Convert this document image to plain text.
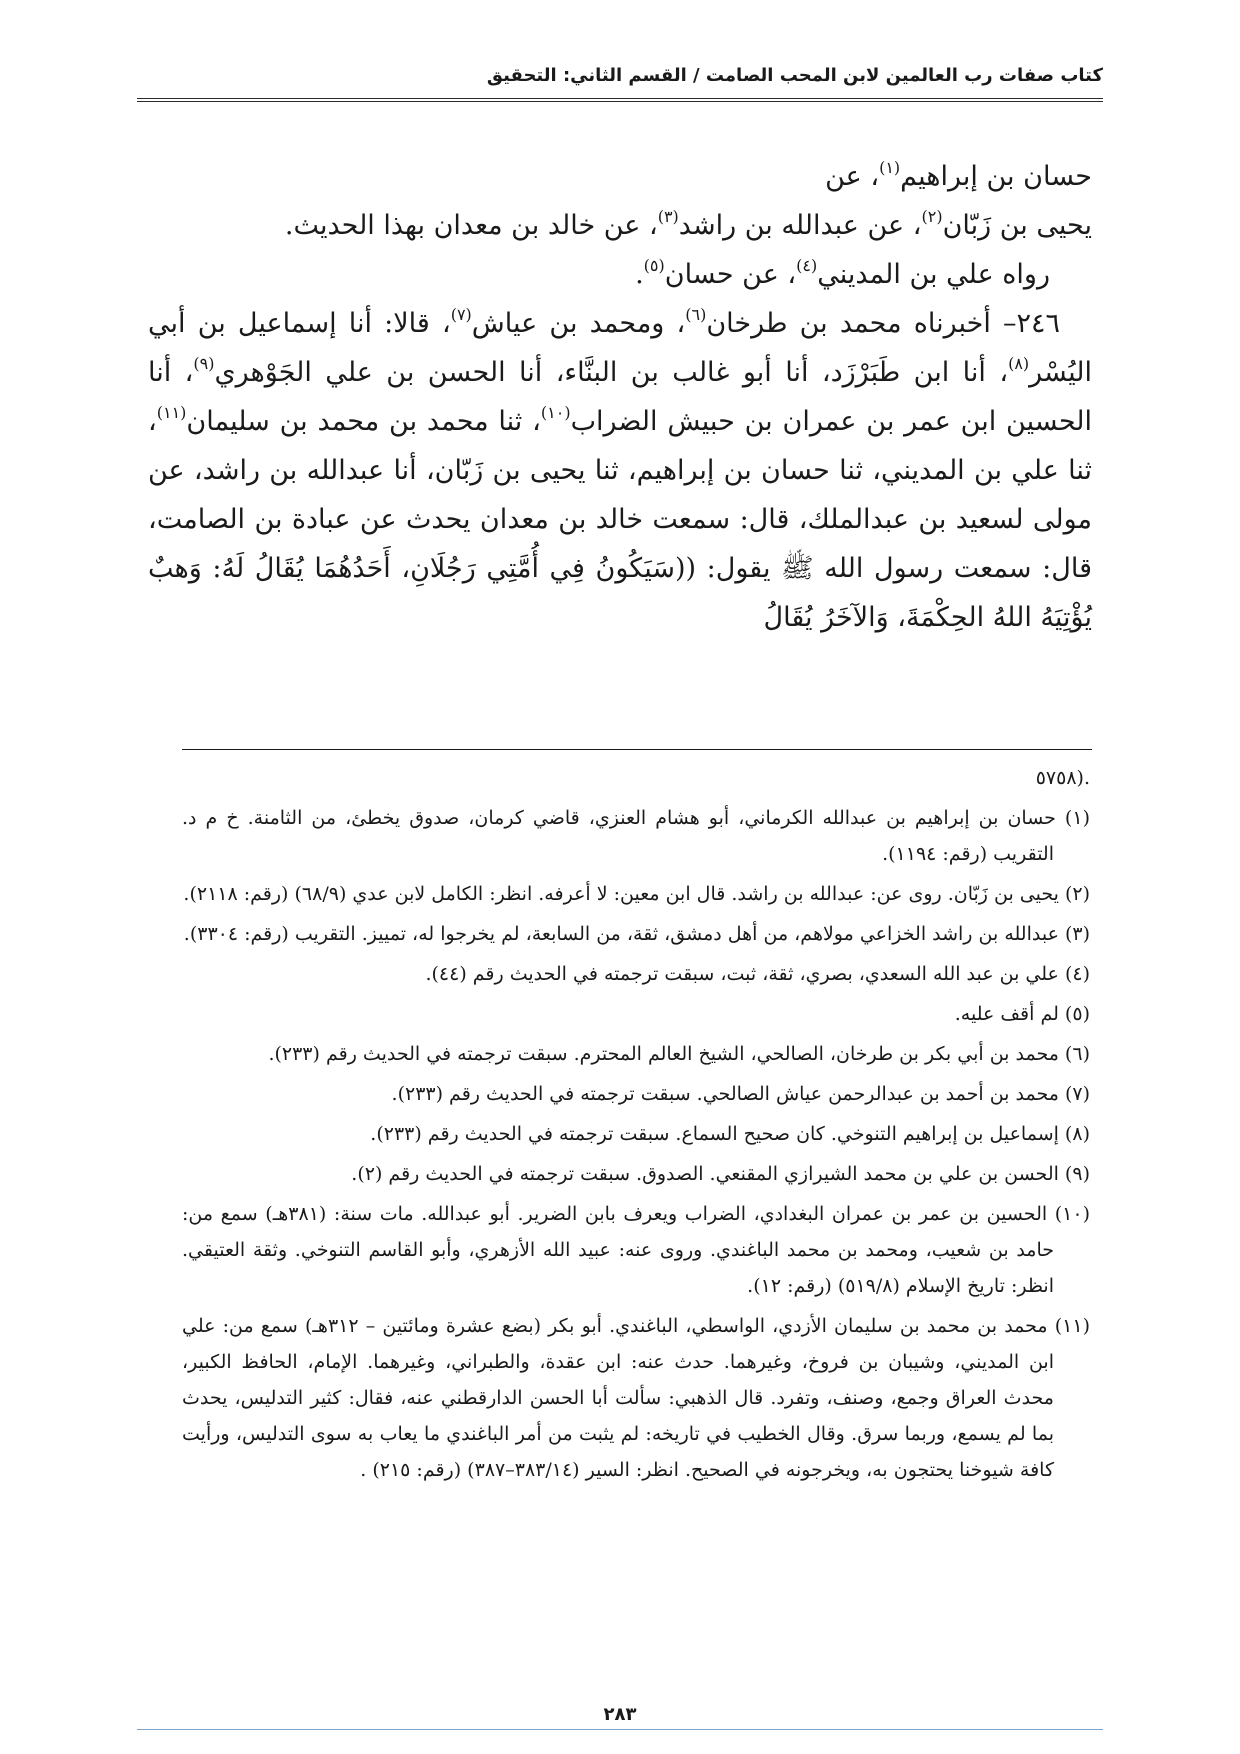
كتاب صفات رب العالمين لابن المحب الصامت / القسم الثاني: التحقيق

حسان بن إبراهيم$^{(١)}$، عن

يحيى بن زَبّان$^{(٢)}$، عن عبدالله بن راشد$^{(٣)}$، عن خالد بن معدان بهذا الحديث.

رواه علي بن المديني$^{(٤)}$، عن حسان$^{(٥)}$.

٢٤٦– أخبرناه محمد بن طرخان$^{(٦)}$، ومحمد بن عياش$^{(٧)}$، قالا: أنا إسماعيل بن أبي اليُسْر$^{(٨)}$، أنا ابن طَبَرْزَد، أنا أبو غالب بن البنَّاء، أنا الحسن بن علي الجَوْهري$^{(٩)}$، أنا الحسين ابن عمر بن عمران بن حبيش الضراب$^{(١٠)}$، ثنا محمد بن محمد بن سليمان$^{(١١)}$، ثنا علي بن المديني، ثنا حسان بن إبراهيم، ثنا يحيى بن زَبّان، أنا عبدالله بن راشد، عن مولى لسعيد بن عبدالملك، قال: سمعت خالد بن معدان يحدث عن عبادة بن الصامت، قال: سمعت رسول الله ﷺ يقول: ((سَيَكُونُ فِي أُمَّتِي رَجُلَانِ، أَحَدُهُمَا يُقَالُ لَهُ: وَهبٌ يُؤْتِيَهُ اللهُ الحِكْمَةَ، وَالآخَرُ يُقَالُ

.(٥٧٥٨

(١) حسان بن إبراهيم بن عبدالله الكرماني، أبو هشام العنزي، قاضي كرمان، صدوق يخطئ، من الثامنة. خ م د. التقريب (رقم: ١١٩٤).

(٢) يحيى بن زَبّان. روى عن: عبدالله بن راشد. قال ابن معين: لا أعرفه. انظر: الكامل لابن عدي (٦٨/٩) (رقم: ٢١١٨).

(٣) عبدالله بن راشد الخزاعي مولاهم، من أهل دمشق، ثقة، من السابعة، لم يخرجوا له، تمييز. التقريب (رقم: ٣٣٠٤).

(٤) علي بن عبد الله السعدي، بصري، ثقة، ثبت، سبقت ترجمته في الحديث رقم (٤٤).

(٥) لم أقف عليه.

(٦) محمد بن أبي بكر بن طرخان، الصالحي، الشيخ العالم المحترم. سبقت ترجمته في الحديث رقم (٢٣٣).

(٧) محمد بن أحمد بن عبدالرحمن عياش الصالحي. سبقت ترجمته في الحديث رقم (٢٣٣).

(٨) إسماعيل بن إبراهيم التنوخي. كان صحيح السماع. سبقت ترجمته في الحديث رقم (٢٣٣).

(٩) الحسن بن علي بن محمد الشيرازي المقنعي. الصدوق. سبقت ترجمته في الحديث رقم (٢).

(١٠) الحسين بن عمر بن عمران البغدادي، الضراب ويعرف بابن الضرير. أبو عبدالله. مات سنة: (٣٨١هـ) سمع من: حامد بن شعيب، ومحمد بن محمد الباغندي. وروى عنه: عبيد الله الأزهري، وأبو القاسم التنوخي. وثقة العتيقي. انظر: تاريخ الإسلام (٥١٩/٨) (رقم: ١٢).

(١١) محمد بن محمد بن سليمان الأزدي، الواسطي، الباغندي. أبو بكر (بضع عشرة ومائتين – ٣١٢هـ) سمع من: علي ابن المديني، وشيبان بن فروخ، وغيرهما. حدث عنه: ابن عقدة، والطبراني، وغيرهما. الإمام، الحافظ الكبير، محدث العراق وجمع، وصنف، وتفرد. قال الذهبي: سألت أبا الحسن الدارقطني عنه، فقال: كثير التدليس، يحدث بما لم يسمع، وربما سرق. وقال الخطيب في تاريخه: لم يثبت من أمر الباغندي ما يعاب به سوى التدليس، ورأيت كافة شيوخنا يحتجون به، ويخرجونه في الصحيح. انظر: السير (٣٨٣/١٤–٣٨٧) (رقم: ٢١٥) .

٢٨٣
